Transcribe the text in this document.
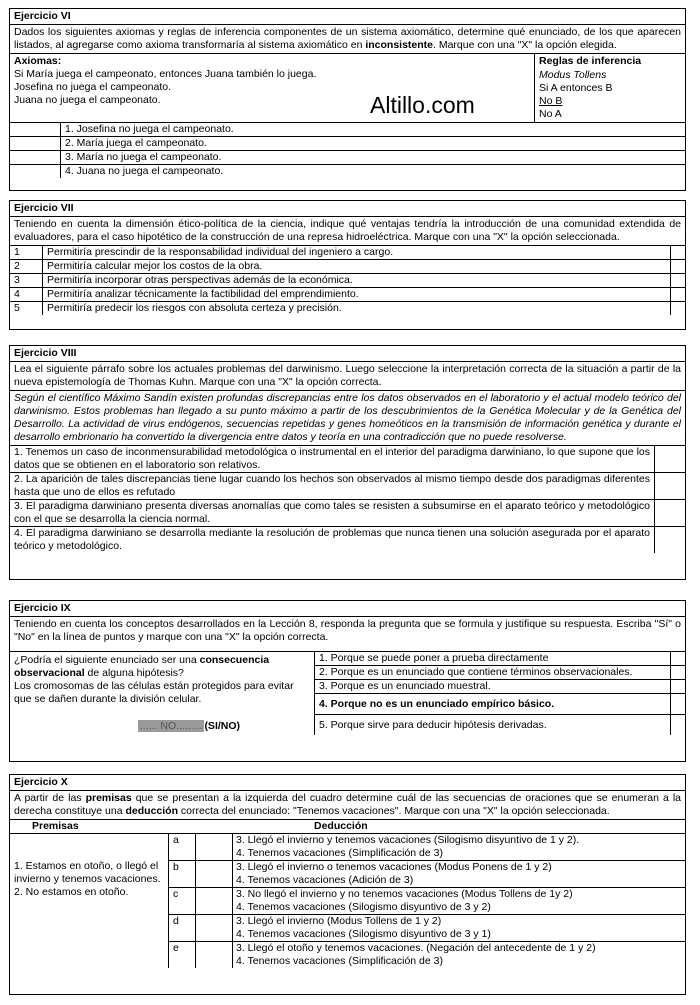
Ejercicio VI
Dados los siguientes axiomas y reglas de inferencia componentes de un sistema axiomático, determine qué enunciado, de los que aparecen listados, al agregarse como axioma transformaría al sistema axiomático en inconsistente. Marque con una "X" la opción elegida.
Axiomas:
Si María juega el campeonato, entonces Juana también lo juega.
Josefina no juega el campeonato.
Juana no juega el campeonato.
Reglas de inferencia
Modus Tollens
Si A entonces B
No B
No A
1. Josefina no juega el campeonato.
2. María juega el campeonato.
3. María no juega el campeonato.
4. Juana no juega el campeonato.
Altillo.com
Ejercicio VII
Teniendo en cuenta la dimensión ético-política de la ciencia, indique qué ventajas tendría la introducción de una comunidad extendida de evaluadores, para el caso hipotético de la construcción de una represa hidroeléctrica. Marque con una "X" la opción seleccionada.
1	Permitiría prescindir de la responsabilidad individual del ingeniero a cargo.
2	Permitiría calcular mejor los costos de la obra.
3	Permitiría incorporar otras perspectivas además de la económica.
4	Permitiría analizar técnicamente la factibilidad del emprendimiento.
5	Permitiría predecir los riesgos con absoluta certeza y precisión.
Ejercicio VIII
Lea el siguiente párrafo sobre los actuales problemas del darwinismo. Luego seleccione la interpretación correcta de la situación a partir de la nueva epistemología de Thomas Kuhn. Marque con una "X" la opción correcta.
Según el científico Máximo Sandín existen profundas discrepancias entre los datos observados en el laboratorio y el actual modelo teórico del darwinismo. Estos problemas han llegado a su punto máximo a partir de los descubrimientos de la Genética Molecular y de la Genética del Desarrollo. La actividad de virus endógenos, secuencias repetidas y genes homeóticos en la transmisión de información genética y durante el desarrollo embrionario ha convertido la divergencia entre datos y teoría en una contradicción que no puede resolverse.
1. Tenemos un caso de inconmensurabilidad metodológica o instrumental en el interior del paradigma darwiniano, lo que supone que los datos que se obtienen en el laboratorio son relativos.
2. La aparición de tales discrepancias tiene lugar cuando los hechos son observados al mismo tiempo desde dos paradigmas diferentes hasta que uno de ellos es refutado
3. El paradigma darwiniano presenta diversas anomalías que como tales se resisten a subsumirse en el aparato teórico y metodológico con el que se desarrolla la ciencia normal.
4. El paradigma darwiniano se desarrolla mediante la resolución de problemas que nunca tienen una solución asegurada por el aparato teórico y metodológico.
Ejercicio IX
Teniendo en cuenta los conceptos desarrollados en la Lección 8, responda la pregunta que se formula y justifique su respuesta. Escriba "Sí" o "No" en la línea de puntos y marque con una "X" la opción correcta.
¿Podría el siguiente enunciado ser una consecuencia observacional de alguna hipótesis?
Los cromosomas de las células están protegidos para evitar que se dañen durante la división celular.
...... NO......... (SI/NO)
1. Porque se puede poner a prueba directamente
2. Porque es un enunciado que contiene términos observacionales.
3. Porque es un enunciado muestral.
4. Porque no es un enunciado empírico básico.
5. Porque sirve para deducir hipótesis derivadas.
Ejercicio X
A partir de las premisas que se presentan a la izquierda del cuadro determine cuál de las secuencias de oraciones que se enumeran a la derecha constituye una deducción correcta del enunciado: "Tenemos vacaciones". Marque con una "X" la opción seleccionada.
Premisas	Deducción
1. Estamos en otoño, o llegó el invierno y tenemos vacaciones.
2. No estamos en otoño.
a	3. Llegó el invierno y tenemos vacaciones (Silogismo disyuntivo de 1 y 2).
4. Tenemos vacaciones (Simplificación de 3)
b	3. Llegó el invierno o tenemos vacaciones (Modus Ponens de 1 y 2)
4. Tenemos vacaciones (Adición de 3)
c	3. No llegó el invierno y no tenemos vacaciones (Modus Tollens de 1y 2)
4. Tenemos vacaciones (Silogismo disyuntivo de 3 y 2)
d	3. Llegó el invierno (Modus Tollens de 1 y 2)
4. Tenemos vacaciones (Silogismo disyuntivo de 3 y 1)
e	3. Llegó el otoño y tenemos vacaciones. (Negación del antecedente de 1 y 2)
4. Tenemos vacaciones (Simplificación de 3)
